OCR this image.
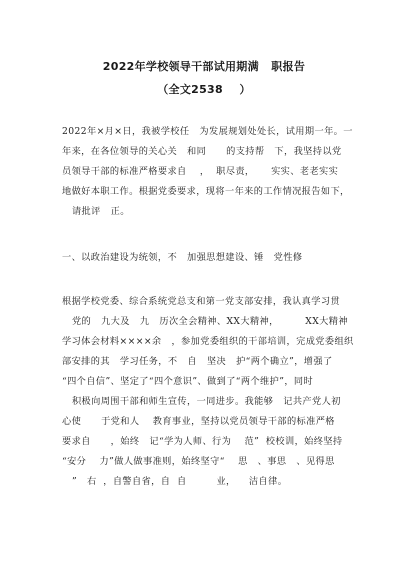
2022年学校领导干部试用期满   职报告
（全文2538    ）
2022年×月×日，我被学校任   为发展规划处处长，试用期一年。一
年来，在各位领导的关心关   和同      的支持帮   下，我坚持以党
员领导干部的标准严格要求自    ，  职尽责，     实实、老老实实
地做好本职工作。根据党委要求，现将一年来的工作情况报告如下，
请批评   正。
一、以政治建设为统领，不   加强思想建设、锤   党性修
根据学校党委、综合系统党总支和第一党支部安排，我认真学习贯
党的   九大及   九   历次全会精神、XX大精神，        XX大精神
学习体会材料××××余   ，参加党委组织的干部培训，完成党委组织
部安排的其   学习任务，不   自   坚决   护“两个确立”，增强了
“四个自信”、坚定了“四个意识”、做到了“两个维护”，同时
积极向周围干部和师生宣传，一同进步。我能够   记共产党人初
心使      于党和人    教育事业，坚持以党员领导干部的标准严格
要求自      ，始终   记“学为人师、行为    范”  校校训，始终坚持
“安分    力”做人做事准则，始终坚守“    思   、事思   、见得思
”   右  ，自警自省，自  自         业，    洁自律。
